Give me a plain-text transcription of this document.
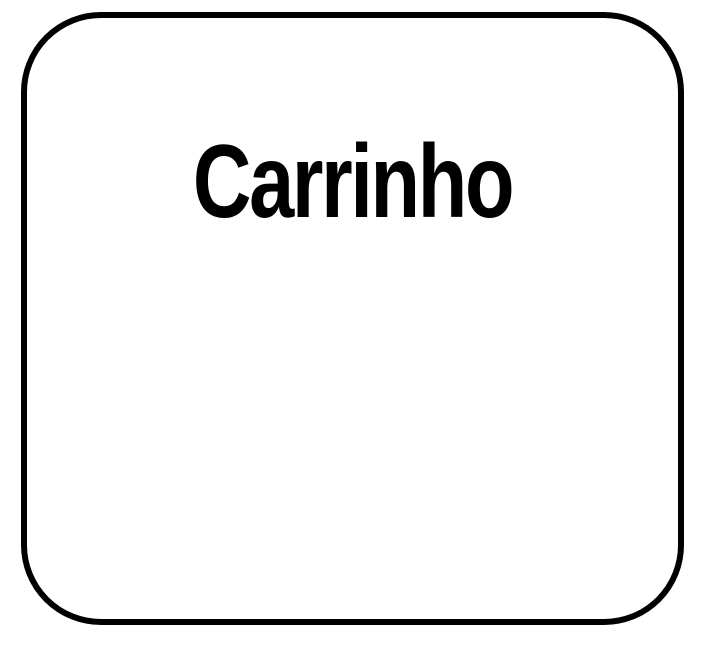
Carrinho
